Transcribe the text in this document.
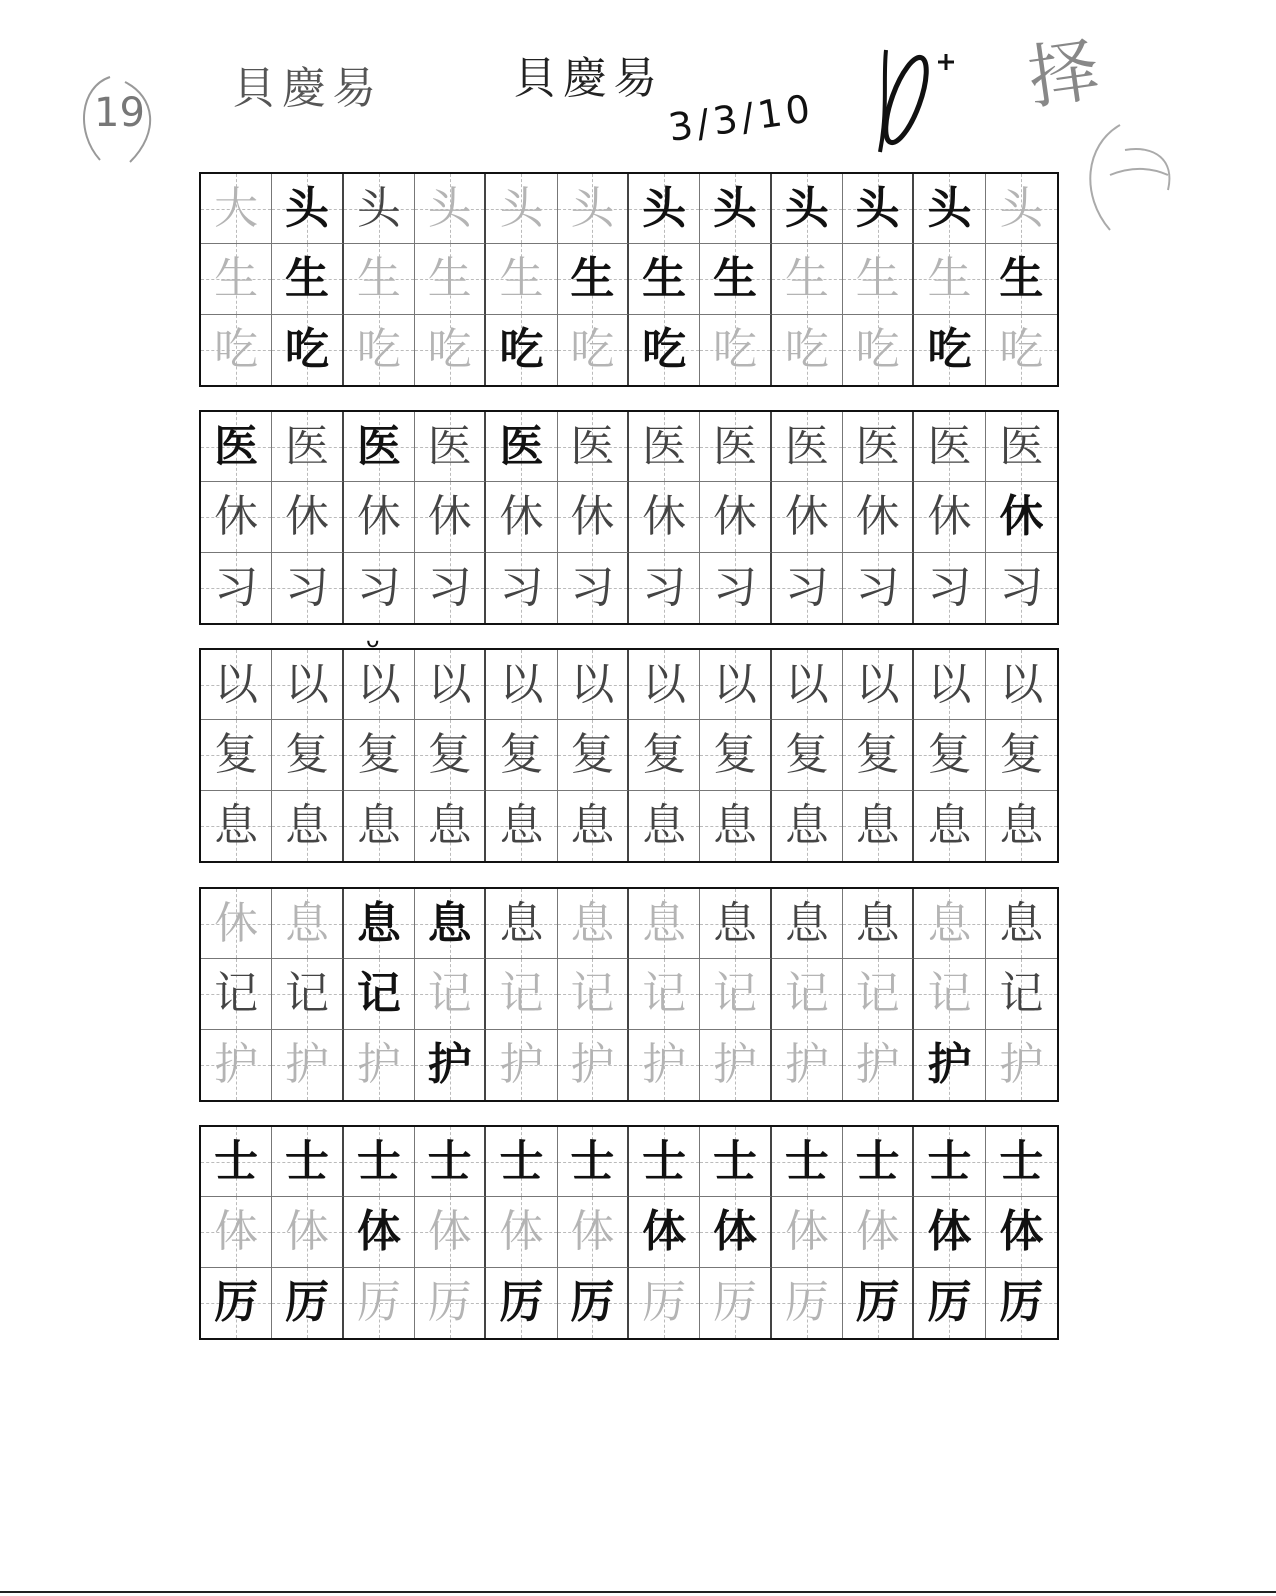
19 貝慶易	貝慶易
3/3/10	择
大 头 头 头 头 头 头 头 头 头 头 头
生 生 生 生 生 生 生 生 生 生 生 生
吃 吃 吃 吃 吃 吃 吃 吃 吃 吃 吃 吃
医 医 医 医 医 医 医 医 医 医 医 医
休 休 休 休 休 休 休 休 休 休 休 休
习 习 习 习 习 习 习 习 习 习 习 习
以 以 以 以 以 以 以 以 以 以 以 以
复 复 复 复 复 复 复 复 复 复 复 复
息 息 息 息 息 息 息 息 息 息 息 息
休 息 息 息 息 息 息 息 息 息 息 息
记 记 记 记 记 记 记 记 记 记 记 记
护 护 护 护 护 护 护 护 护 护 护 护
士 士 士 士 士 士 士 士 士 士 士 士
体 体 体 体 体 体 体 体 体 体 体 体
厉 厉 厉 厉 厉 厉 厉 厉 厉 厉 厉 厉
ᴗ
